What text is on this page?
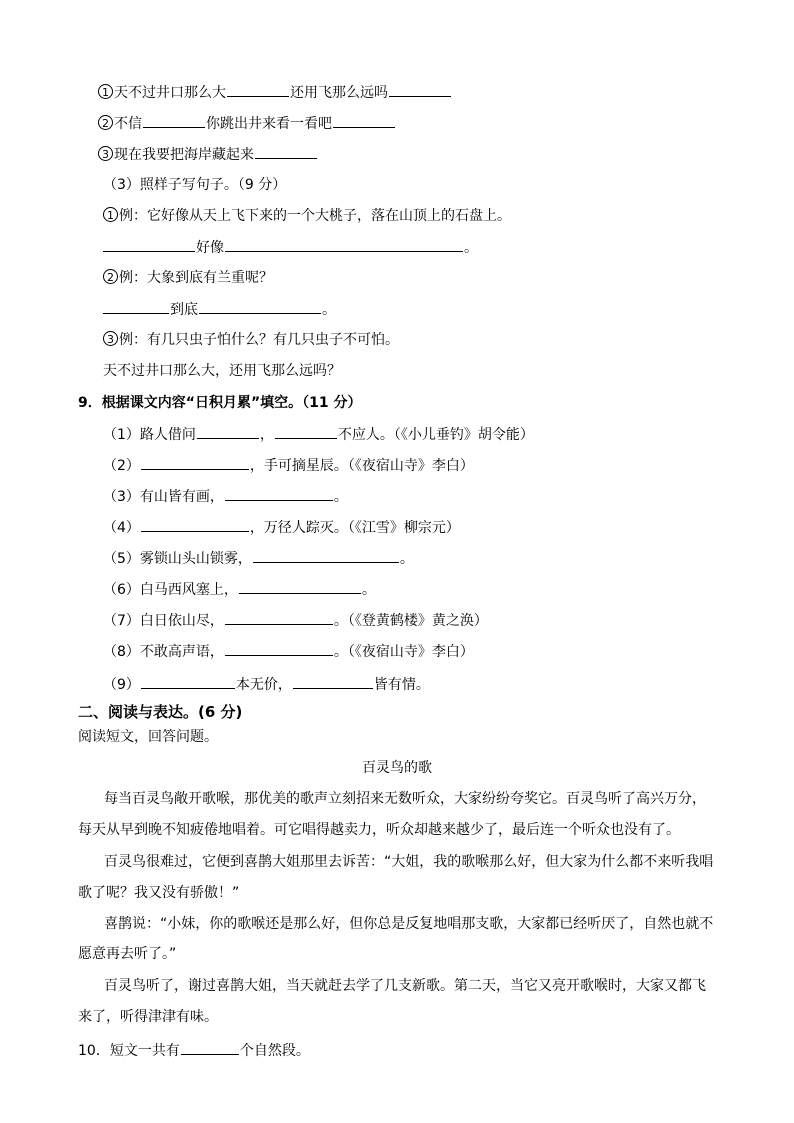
1 天不过井口那么大	还用飞那么远吗
2 不信	你跳出井来看一看吧
3 现在我要把海岸藏起来
（3）照样子写句子。（9 分）
1 例：它好像从天上飞下来的一个大桃子，落在山顶上的石盘上。
好像	。
2 例：大象到底有兰重呢？
到底	。
3 例：有几只虫子怕什么？有几只虫子不可怕。
天不过井口那么大，还用飞那么远吗？
9．根据课文内容“日积月累”填空。（11 分）
（1）路人借问	，	不应人。（《小儿垂钓》胡令能）
（2）	，手可摘星辰。（《夜宿山寺》李白）
（3）有山皆有画，	。
（4）	，万径人踪灭。（《江雪》柳宗元）
（5）雾锁山头山锁雾，	。
（6）白马西风塞上，	。
（7）白日依山尽，	。（《登黄鹤楼》黄之涣）
（8）不敢高声语，	。（《夜宿山寺》李白）
（9）	本无价，	皆有情。
二、阅读与表达。(6 分)
阅读短文，回答问题。
百灵鸟的歌
每当百灵鸟敞开歌喉，那优美的歌声立刻招来无数听众，大家纷纷夸奖它。百灵鸟听了高兴万分，
每天从早到晚不知疲倦地唱着。可它唱得越卖力，听众却越来越少了，最后连一个听众也没有了。
百灵鸟很难过，它便到喜鹊大姐那里去诉苦：“大姐，我的歌喉那么好，但大家为什么都不来听我唱
歌了呢？我又没有骄傲！”
喜鹊说：“小妹，你的歌喉还是那么好，但你总是反复地唱那支歌，大家都已经听厌了，自然也就不
愿意再去听了。”
百灵鸟听了，谢过喜鹊大姐，当天就赶去学了几支新歌。第二天，当它又亮开歌喉时，大家又都飞
来了，听得津津有味。
10．短文一共有	个自然段。
